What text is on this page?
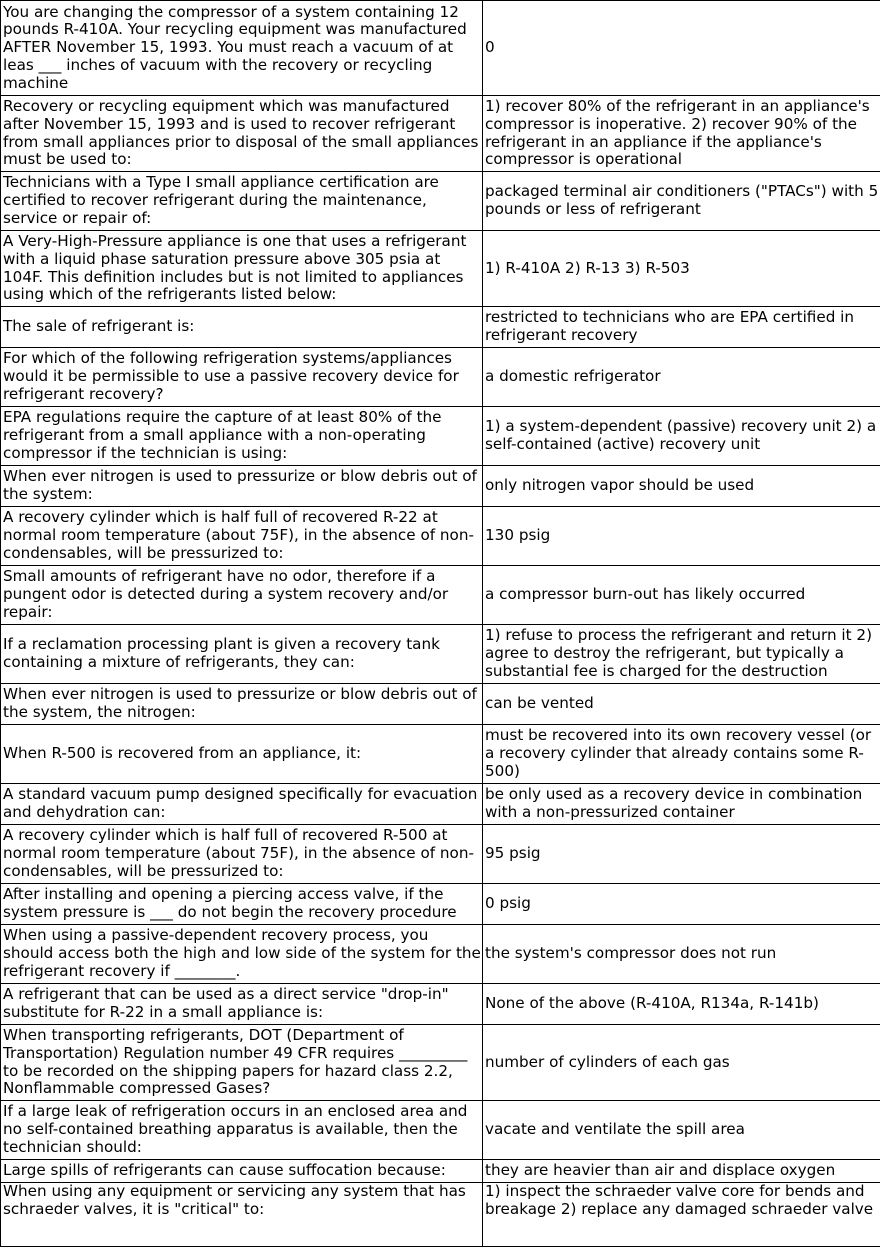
You are changing the compressor of a system containing 12 pounds R-410A. Your recycling equipment was manufactured AFTER November 15, 1993. You must reach a vacuum of at leas ___ inches of vacuum with the recovery or recycling machine	0
Recovery or recycling equipment which was manufactured after November 15, 1993 and is used to recover refrigerant from small appliances prior to disposal of the small appliances must be used to:	1) recover 80% of the refrigerant in an appliance's compressor is inoperative. 2) recover 90% of the refrigerant in an appliance if the appliance's compressor is operational
Technicians with a Type I small appliance certification are certified to recover refrigerant during the maintenance, service or repair of:	packaged terminal air conditioners ("PTACs") with 5 pounds or less of refrigerant
A Very-High-Pressure appliance is one that uses a refrigerant with a liquid phase saturation pressure above 305 psia at 104F. This definition includes but is not limited to appliances using which of the refrigerants listed below:	1) R-410A 2) R-13 3) R-503
The sale of refrigerant is:	restricted to technicians who are EPA certified in refrigerant recovery
For which of the following refrigeration systems/appliances would it be permissible to use a passive recovery device for refrigerant recovery?	a domestic refrigerator
EPA regulations require the capture of at least 80% of the refrigerant from a small appliance with a non-operating compressor if the technician is using:	1) a system-dependent (passive) recovery unit 2) a self-contained (active) recovery unit
When ever nitrogen is used to pressurize or blow debris out of the system:	only nitrogen vapor should be used
A recovery cylinder which is half full of recovered R-22 at normal room temperature (about 75F), in the absence of non-condensables, will be pressurized to:	130 psig
Small amounts of refrigerant have no odor, therefore if a pungent odor is detected during a system recovery and/or repair:	a compressor burn-out has likely occurred
If a reclamation processing plant is given a recovery tank containing a mixture of refrigerants, they can:	1) refuse to process the refrigerant and return it 2) agree to destroy the refrigerant, but typically a substantial fee is charged for the destruction
When ever nitrogen is used to pressurize or blow debris out of the system, the nitrogen:	can be vented
When R-500 is recovered from an appliance, it:	must be recovered into its own recovery vessel (or a recovery cylinder that already contains some R-500)
A standard vacuum pump designed specifically for evacuation and dehydration can:	be only used as a recovery device in combination with a non-pressurized container
A recovery cylinder which is half full of recovered R-500 at normal room temperature (about 75F), in the absence of non-condensables, will be pressurized to:	95 psig
After installing and opening a piercing access valve, if the system pressure is ___ do not begin the recovery procedure	0 psig
When using a passive-dependent recovery process, you should access both the high and low side of the system for the refrigerant recovery if ________.	the system's compressor does not run
A refrigerant that can be used as a direct service "drop-in" substitute for R-22 in a small appliance is:	None of the above (R-410A, R134a, R-141b)
When transporting refrigerants, DOT (Department of Transportation) Regulation number 49 CFR requires _________ to be recorded on the shipping papers for hazard class 2.2, Nonflammable compressed Gases?	number of cylinders of each gas
If a large leak of refrigeration occurs in an enclosed area and no self-contained breathing apparatus is available, then the technician should:	vacate and ventilate the spill area
Large spills of refrigerants can cause suffocation because:	they are heavier than air and displace oxygen
When using any equipment or servicing any system that has schraeder valves, it is "critical" to:	1) inspect the schraeder valve core for bends and breakage 2) replace any damaged schraeder valve
